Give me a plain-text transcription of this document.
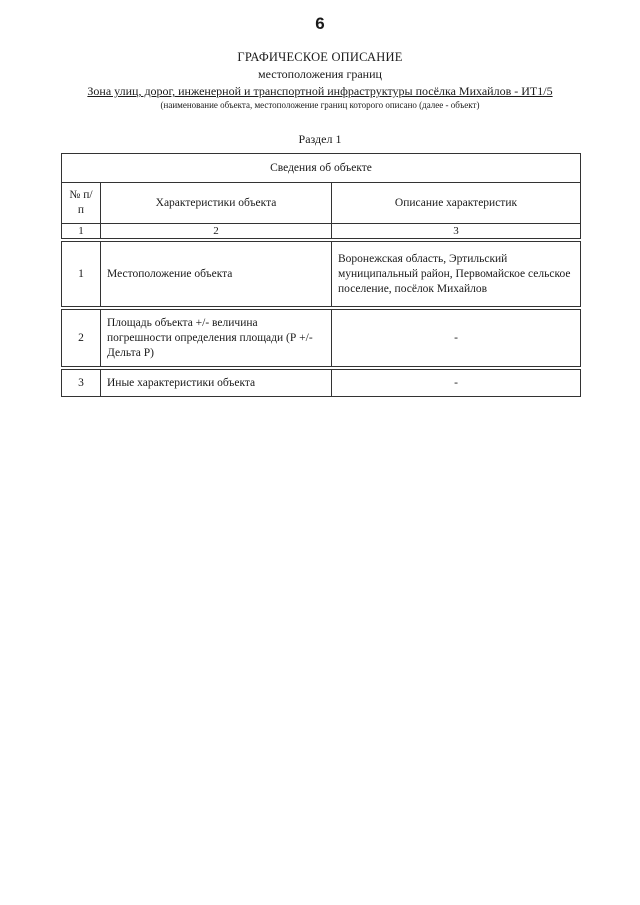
6
ГРАФИЧЕСКОЕ ОПИСАНИЕ
местоположения границ
Зона улиц, дорог, инженерной и транспортной инфраструктуры посёлка Михайлов - ИТ1/5
(наименование объекта, местоположение границ которого описано (далее - объект)
Раздел 1
Сведения об объекте		
№ п/п	Характеристики объекта	Описание характеристик
1	2	3

1	Местоположение объекта	Воронежская область, Эртильский муниципальный район, Первомайское сельское поселение, посёлок Михайлов

2	Площадь объекта +/- величина погрешности определения площади (Р +/- Дельта Р)	-

3	Иные характеристики объекта	-
